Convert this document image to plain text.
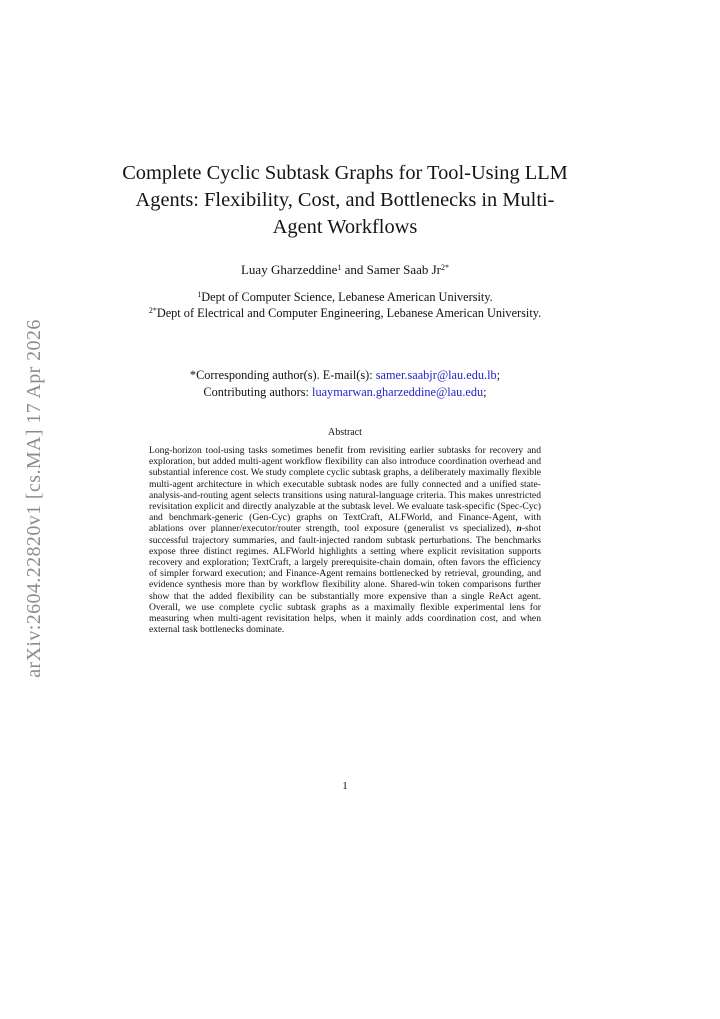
arXiv:2604.22820v1 [cs.MA] 17 Apr 2026
Complete Cyclic Subtask Graphs for Tool-Using LLM Agents: Flexibility, Cost, and Bottlenecks in Multi-Agent Workflows
Luay Gharzeddine$^1$ and Samer Saab $Jr^{2*}$
$^1$Dept of Computer Science, Lebanese American University.
$^{2*}$Dept of Electrical and Computer Engineering, Lebanese American University.
*Corresponding author(s). E-mail(s): samer.saabjr@lau.edu.lb;
Contributing authors: luaymarwan.gharzeddine@lau.edu;
Abstract
Long-horizon tool-using tasks sometimes benefit from revisiting earlier subtasks for recovery and exploration, but added multi-agent workflow flexibility can also introduce coordination overhead and substantial inference cost. We study complete cyclic subtask graphs, a deliberately maximally flexible multi-agent architecture in which executable subtask nodes are fully connected and a unified state-analysis-and-routing agent selects transitions using natural-language criteria. This makes unrestricted revisitation explicit and directly analyzable at the subtask level. We evaluate task-specific (Spec-Cyc) and benchmark-generic (Gen-Cyc) graphs on TextCraft, ALFWorld, and Finance-Agent, with ablations over planner/executor/router strength, tool exposure (generalist vs specialized), n-shot successful trajectory summaries, and fault-injected random subtask perturbations. The benchmarks expose three distinct regimes. ALFWorld highlights a setting where explicit revisitation supports recovery and exploration; TextCraft, a largely prerequisite-chain domain, often favors the efficiency of simpler forward execution; and Finance-Agent remains bottlenecked by retrieval, grounding, and evidence synthesis more than by workflow flexibility alone. Shared-win token comparisons further show that the added flexibility can be substantially more expensive than a single ReAct agent. Overall, we use complete cyclic subtask graphs as a maximally flexible experimental lens for measuring when multi-agent revisitation helps, when it mainly adds coordination cost, and when external task bottlenecks dominate.
1
